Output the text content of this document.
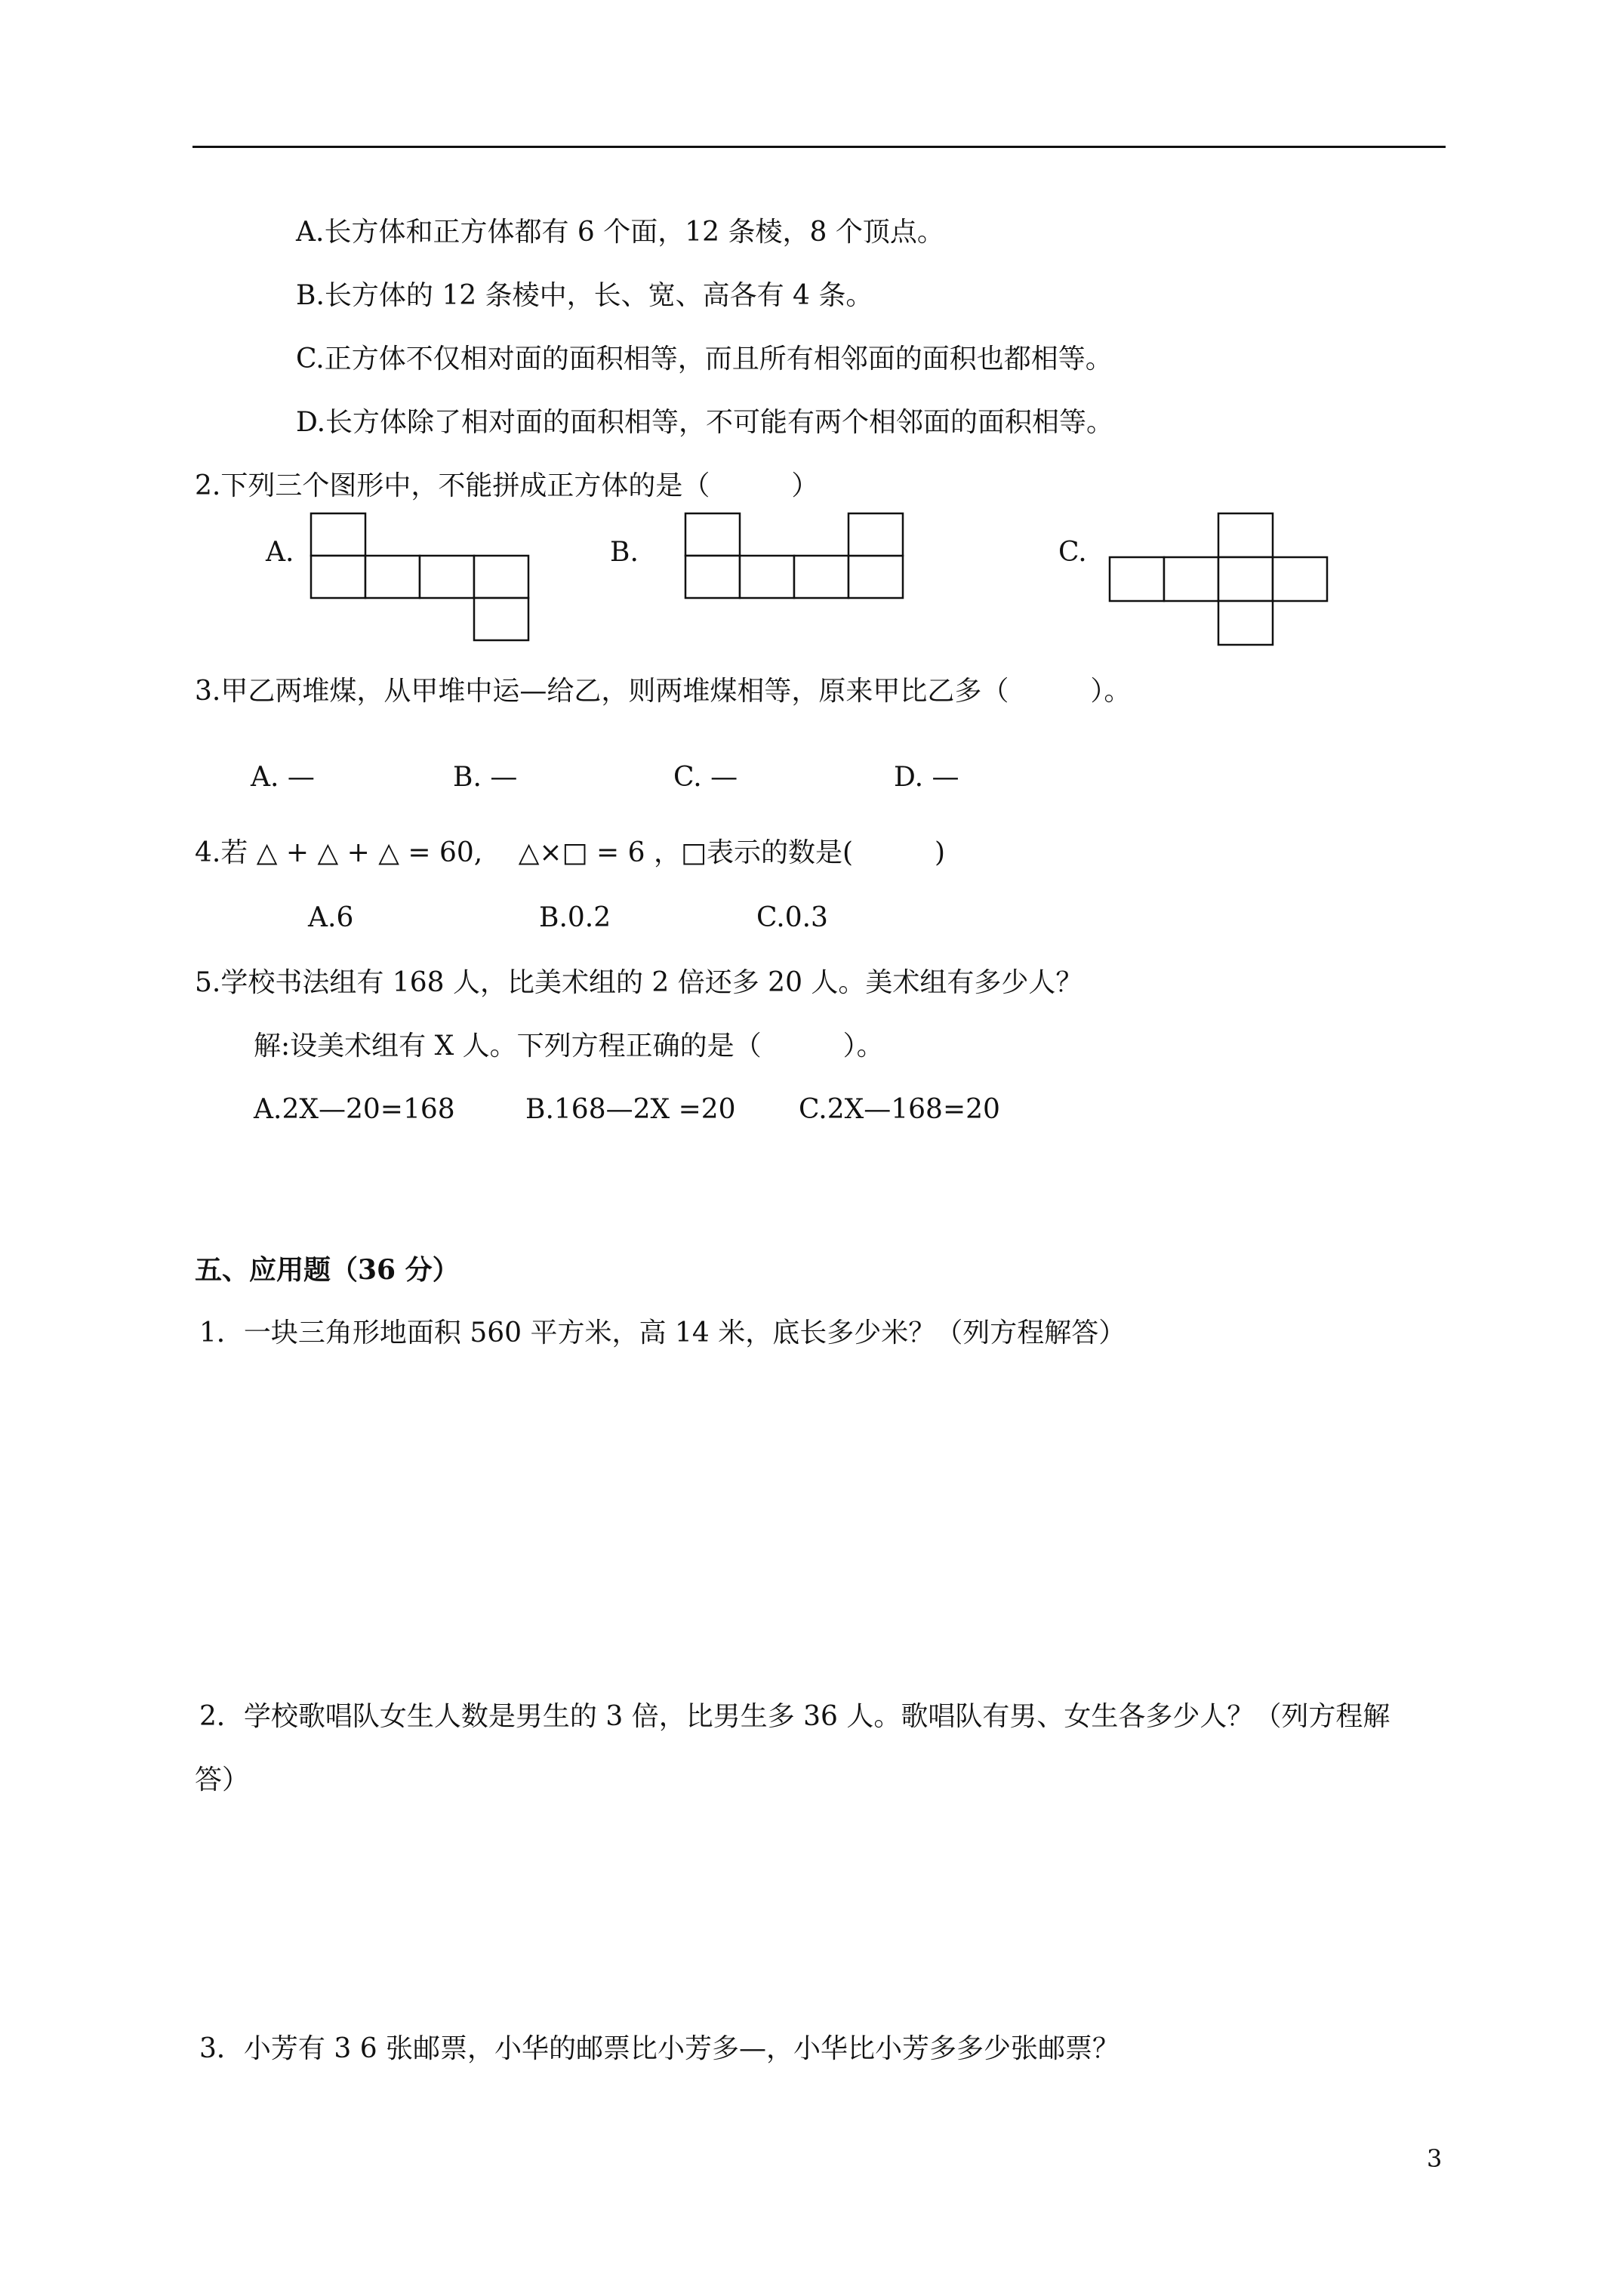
A.长方体和正方体都有 6 个面，12 条棱，8 个顶点。
B.长方体的 12 条棱中，长、宽、高各有 4 条。
C.正方体不仅相对面的面积相等，而且所有相邻面的面积也都相等。
D.长方体除了相对面的面积相等，不可能有两个相邻面的面积相等。
2.下列三个图形中，不能拼成正方体的是（　　　）
A.	B.	C.
3.甲乙两堆煤，从甲堆中运—给乙，则两堆煤相等，原来甲比乙多（　　　）。
A. —	B. —	C. —	D. —
4.若 △ + △ + △ = 60,　 △×□ = 6 ，□表示的数是(　　　)
A.6	B.0.2	C.0.3
5.学校书法组有 168 人，比美术组的 2 倍还多 20 人。美术组有多少人？
解:设美术组有 X 人。下列方程正确的是（　　　）。
A.2X—20=168	B.168—2X =20 C.2X—168=20
五、应用题（36 分）
1．一块三角形地面积 560 平方米，高 14 米，底长多少米？（列方程解答）
2．学校歌唱队女生人数是男生的 3 倍，比男生多 36 人。歌唱队有男、女生各多少人？（列方程解
答）
3．小芳有 3 6 张邮票，小华的邮票比小芳多—，小华比小芳多多少张邮票？
3
